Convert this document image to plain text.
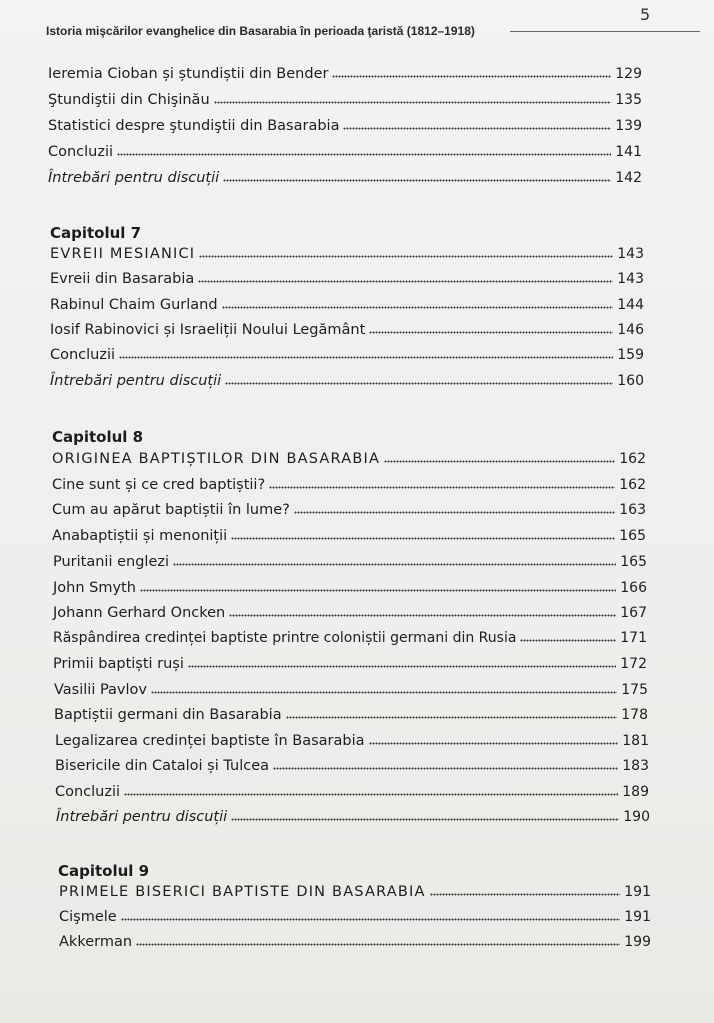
5
Istoria mişcărilor evanghelice din Basarabia în perioada ţaristă (1812–1918)
Ieremia Cioban și ștundiștii din Bender	129
Ştundiştii din Chişinău	135
Statistici despre ştundiştii din Basarabia	139
Concluzii	141
Întrebări pentru discuții	142
Capitolul 7
EVREII MESIANICI	143
Evreii din Basarabia	143
Rabinul Chaim Gurland	144
Iosif Rabinovici și Israeliții Noului Legământ	146
Concluzii	159
Întrebări pentru discuții	160
Capitolul 8
ORIGINEA BAPTIȘTILOR DIN BASARABIA	162
Cine sunt și ce cred baptiștii?	162
Cum au apărut baptiștii în lume?	163
Anabaptiștii și menoniții	165
Puritanii englezi	165
John Smyth	166
Johann Gerhard Oncken	167
Răspândirea credinței baptiste printre coloniștii germani din Rusia	171
Primii baptiști ruși	172
Vasilii Pavlov	175
Baptiștii germani din Basarabia	178
Legalizarea credinței baptiste în Basarabia	181
Bisericile din Cataloi și Tulcea	183
Concluzii	189
Întrebări pentru discuții	190
Capitolul 9
PRIMELE BISERICI BAPTISTE DIN BASARABIA	191
Cişmele	191
Akkerman	199
